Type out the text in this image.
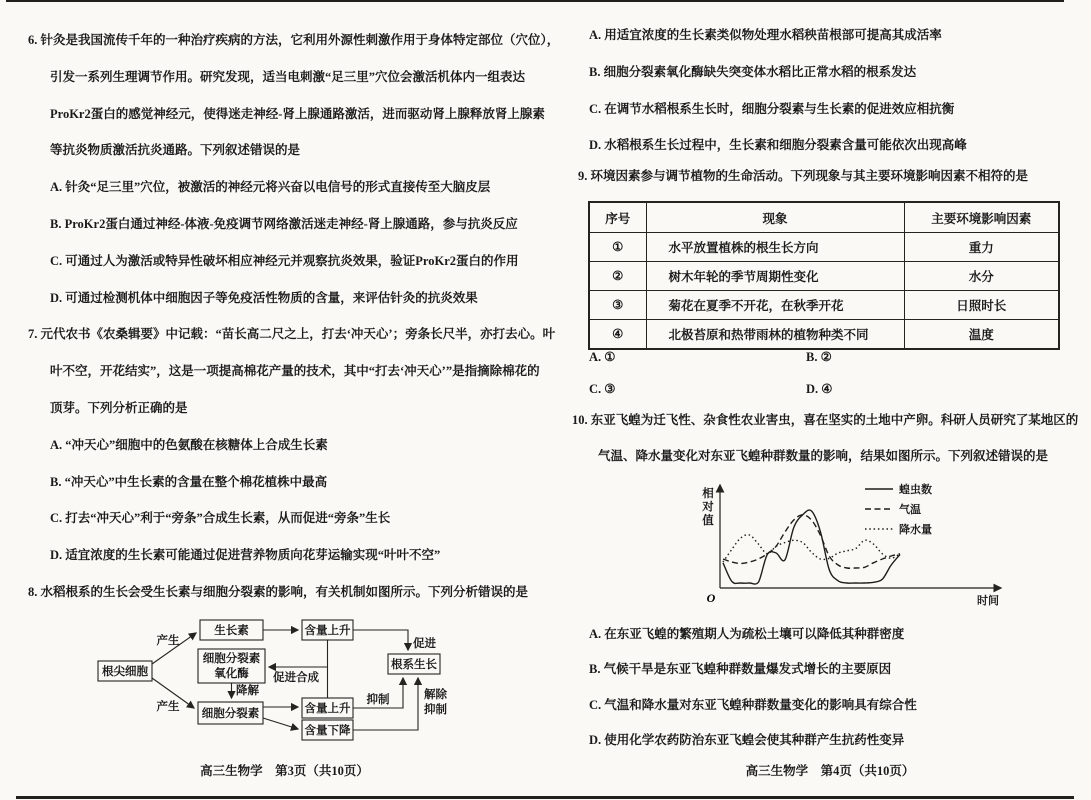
6. 针灸是我国流传千年的一种治疗疾病的方法，它利用外源性刺激作用于身体特定部位（穴位），
引发一系列生理调节作用。研究发现，适当电刺激“足三里”穴位会激活机体内一组表达
ProKr2蛋白的感觉神经元，使得迷走神经-肾上腺通路激活，进而驱动肾上腺释放肾上腺素
等抗炎物质激活抗炎通路。下列叙述错误的是
A. 针灸“足三里”穴位，被激活的神经元将兴奋以电信号的形式直接传至大脑皮层
B. ProKr2蛋白通过神经-体液-免疫调节网络激活迷走神经-肾上腺通路，参与抗炎反应
C. 可通过人为激活或特异性破坏相应神经元并观察抗炎效果，验证ProKr2蛋白的作用
D. 可通过检测机体中细胞因子等免疫活性物质的含量，来评估针灸的抗炎效果
7. 元代农书《农桑辑要》中记载：“苗长高二尺之上，打去‘冲天心’；旁条长尺半，亦打去心。叶
叶不空，开花结实”，这是一项提高棉花产量的技术，其中“打去‘冲天心’”是指摘除棉花的
顶芽。下列分析正确的是
A. “冲天心”细胞中的色氨酸在核糖体上合成生长素
B. “冲天心”中生长素的含量在整个棉花植株中最高
C. 打去“冲天心”利于“旁条”合成生长素，从而促进“旁条”生长
D. 适宜浓度的生长素可能通过促进营养物质向花芽运输实现“叶叶不空”
8. 水稻根系的生长会受生长素与细胞分裂素的影响，有关机制如图所示。下列分析错误的是
根尖细胞
生长素
细胞分裂素
氧化酶
细胞分裂素
含量上升
含量上升
含量下降
根系生长
产生
产生
促进
促进合成
降解
抑制	解除
抑制
高三生物学　第3页（共10页）
A. 用适宜浓度的生长素类似物处理水稻秧苗根部可提高其成活率
B. 细胞分裂素氧化酶缺失突变体水稻比正常水稻的根系发达
C. 在调节水稻根系生长时，细胞分裂素与生长素的促进效应相抗衡
D. 水稻根系生长过程中，生长素和细胞分裂素含量可能依次出现高峰
9. 环境因素参与调节植物的生命活动。下列现象与其主要环境影响因素不相符的是
序号	现象	主要环境影响因素
①	水平放置植株的根生长方向	重力
②	树木年轮的季节周期性变化	水分
③	菊花在夏季不开花，在秋季开花	日照时长
④	北极苔原和热带雨林的植物种类不同	温度
A. ①	B. ②
C. ③	D. ④
10. 东亚飞蝗为迁飞性、杂食性农业害虫，喜在坚实的土地中产卵。科研人员研究了某地区的
气温、降水量变化对东亚飞蝗种群数量的影响，结果如图所示。下列叙述错误的是
O	时间
蝗虫数
气温
降水量
相对值
A. 在东亚飞蝗的繁殖期人为疏松土壤可以降低其种群密度
B. 气候干旱是东亚飞蝗种群数量爆发式增长的主要原因
C. 气温和降水量对东亚飞蝗种群数量变化的影响具有综合性
D. 使用化学农药防治东亚飞蝗会使其种群产生抗药性变异
高三生物学　第4页（共10页）
